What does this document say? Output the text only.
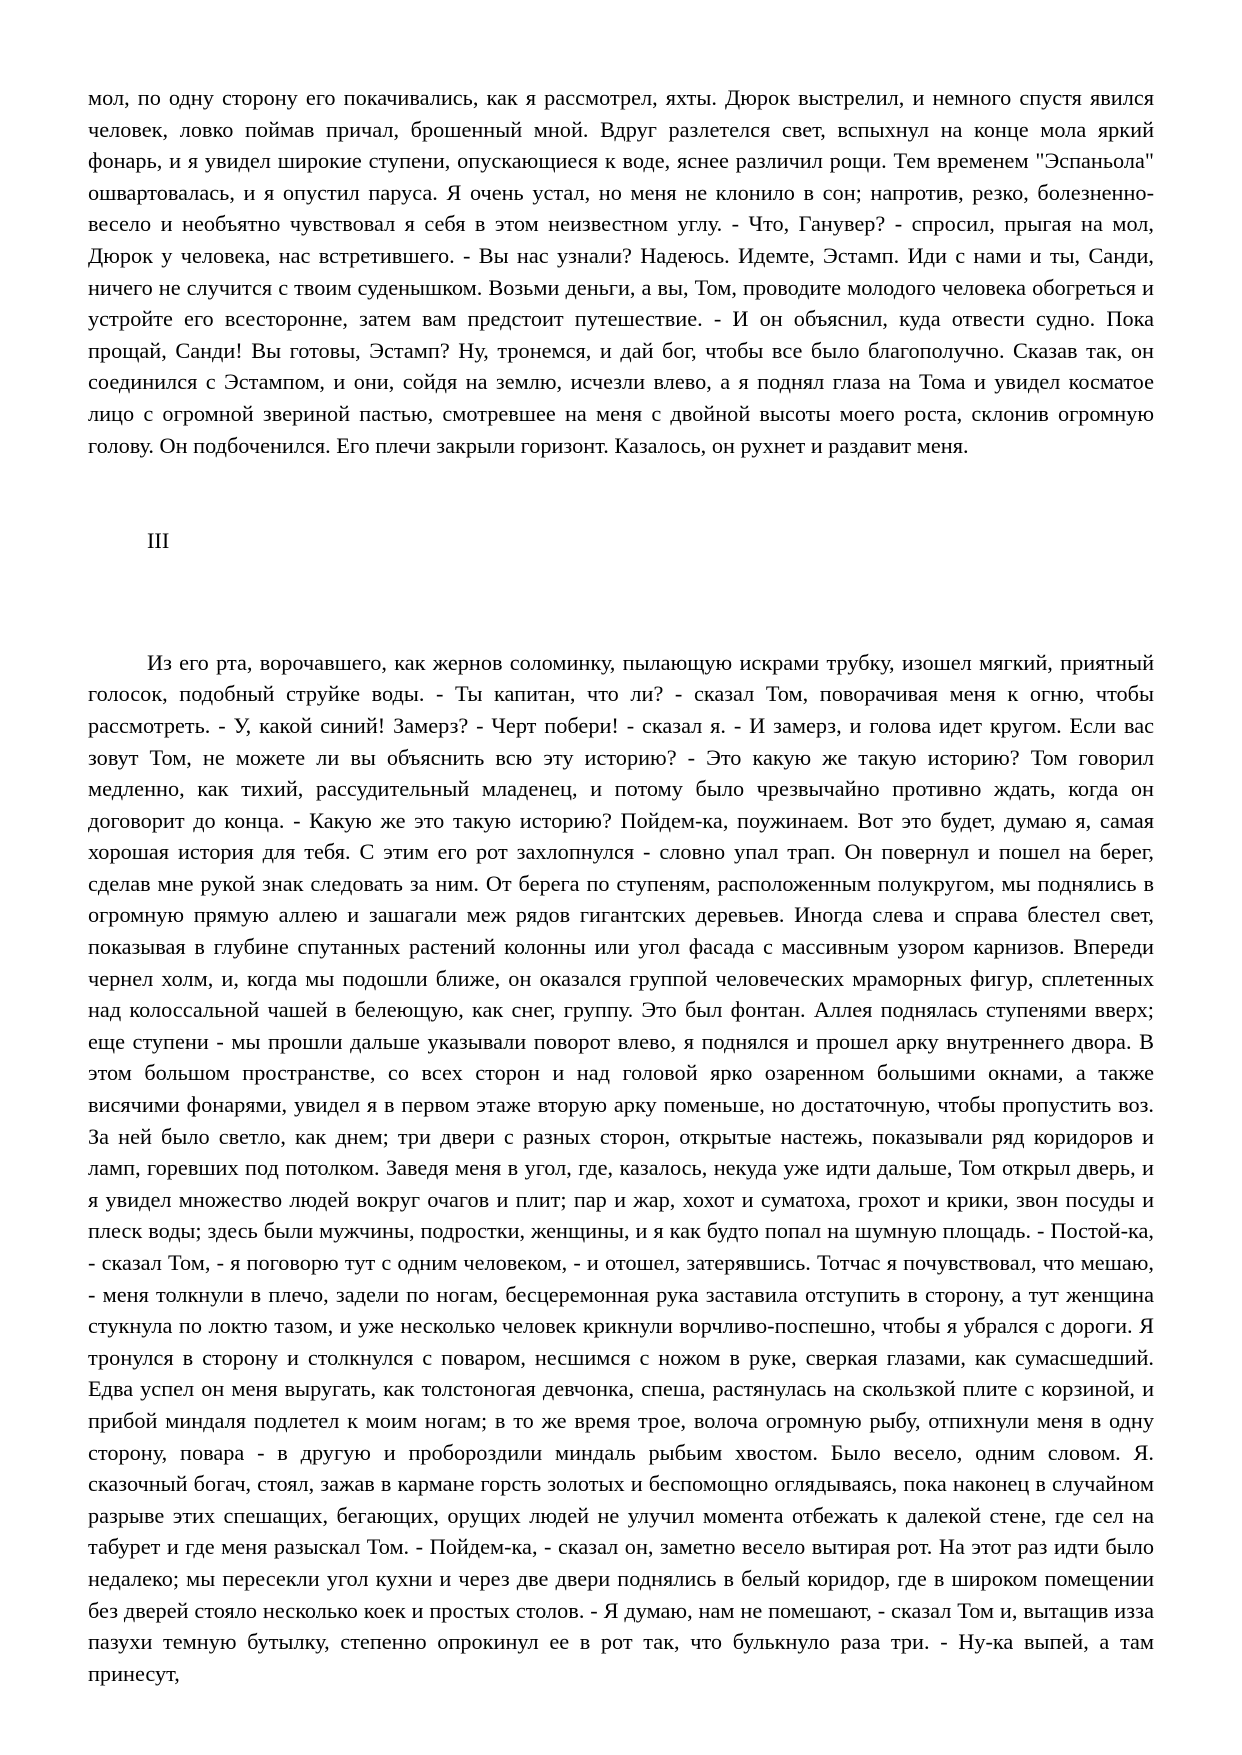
мол, по одну сторону его покачивались, как я рассмотрел, яхты. Дюрок выстрелил, и немного спустя явился человек, ловко поймав причал, брошенный мной. Вдруг разлетелся свет, вспыхнул на конце мола яркий фонарь, и я увидел широкие ступени, опускающиеся к воде, яснее различил рощи. Тем временем "Эспаньола" ошвартовалась, и я опустил паруса. Я очень устал, но меня не клонило в сон; напротив, резко, болезненно-весело и необъятно чувствовал я себя в этом неизвестном углу. - Что, Ганувер? - спросил, прыгая на мол, Дюрок у человека, нас встретившего. - Вы нас узнали? Надеюсь. Идемте, Эстамп. Иди с нами и ты, Санди, ничего не случится с твоим суденышком. Возьми деньги, а вы, Том, проводите молодого человека обогреться и устройте его всесторонне, затем вам предстоит путешествие. - И он объяснил, куда отвести судно. Пока прощай, Санди! Вы готовы, Эстамп? Ну, тронемся, и дай бог, чтобы все было благополучно. Сказав так, он соединился с Эстампом, и они, сойдя на землю, исчезли влево, а я поднял глаза на Тома и увидел косматое лицо с огромной звериной пастью, смотревшее на меня с двойной высоты моего роста, склонив огромную голову. Он подбоченился. Его плечи закрыли горизонт. Казалось, он рухнет и раздавит меня.

III

Из его рта, ворочавшего, как жернов соломинку, пылающую искрами трубку, изошел мягкий, приятный голосок, подобный струйке воды. - Ты капитан, что ли? - сказал Том, поворачивая меня к огню, чтобы рассмотреть. - У, какой синий! Замерз? - Черт побери! - сказал я. - И замерз, и голова идет кругом. Если вас зовут Том, не можете ли вы объяснить всю эту историю? - Это какую же такую историю? Том говорил медленно, как тихий, рассудительный младенец, и потому было чрезвычайно противно ждать, когда он договорит до конца. - Какую же это такую историю? Пойдем-ка, поужинаем. Вот это будет, думаю я, самая хорошая история для тебя. С этим его рот захлопнулся - словно упал трап. Он повернул и пошел на берег, сделав мне рукой знак следовать за ним. От берега по ступеням, расположенным полукругом, мы поднялись в огромную прямую аллею и зашагали меж рядов гигантских деревьев. Иногда слева и справа блестел свет, показывая в глубине спутанных растений колонны или угол фасада с массивным узором карнизов. Впереди чернел холм, и, когда мы подошли ближе, он оказался группой человеческих мраморных фигур, сплетенных над колоссальной чашей в белеющую, как снег, группу. Это был фонтан. Аллея поднялась ступенями вверх; еще ступени - мы прошли дальше указывали поворот влево, я поднялся и прошел арку внутреннего двора. В этом большом пространстве, со всех сторон и над головой ярко озаренном большими окнами, а также висячими фонарями, увидел я в первом этаже вторую арку поменьше, но достаточную, чтобы пропустить воз. За ней было светло, как днем; три двери с разных сторон, открытые настежь, показывали ряд коридоров и ламп, горевших под потолком. Заведя меня в угол, где, казалось, некуда уже идти дальше, Том открыл дверь, и я увидел множество людей вокруг очагов и плит; пар и жар, хохот и суматоха, грохот и крики, звон посуды и плеск воды; здесь были мужчины, подростки, женщины, и я как будто попал на шумную площадь. - Постой-ка, - сказал Том, - я поговорю тут с одним человеком, - и отошел, затерявшись. Тотчас я почувствовал, что мешаю, - меня толкнули в плечо, задели по ногам, бесцеремонная рука заставила отступить в сторону, а тут женщина стукнула по локтю тазом, и уже несколько человек крикнули ворчливо-поспешно, чтобы я убрался с дороги. Я тронулся в сторону и столкнулся с поваром, несшимся с ножом в руке, сверкая глазами, как сумасшедший. Едва успел он меня выругать, как толстоногая девчонка, спеша, растянулась на скользкой плите с корзиной, и прибой миндаля подлетел к моим ногам; в то же время трое, волоча огромную рыбу, отпихнули меня в одну сторону, повара - в другую и пробороздили миндаль рыбьим хвостом. Было весело, одним словом. Я. сказочный богач, стоял, зажав в кармане горсть золотых и беспомощно оглядываясь, пока наконец в случайном разрыве этих спешащих, бегающих, орущих людей не улучил момента отбежать к далекой стене, где сел на табурет и где меня разыскал Том. - Пойдем-ка, - сказал он, заметно весело вытирая рот. На этот раз идти было недалеко; мы пересекли угол кухни и через две двери поднялись в белый коридор, где в широком помещении без дверей стояло несколько коек и простых столов. - Я думаю, нам не помешают, - сказал Том и, вытащив изза пазухи темную бутылку, степенно опрокинул ее в рот так, что булькнуло раза три. - Ну-ка выпей, а там принесут,
